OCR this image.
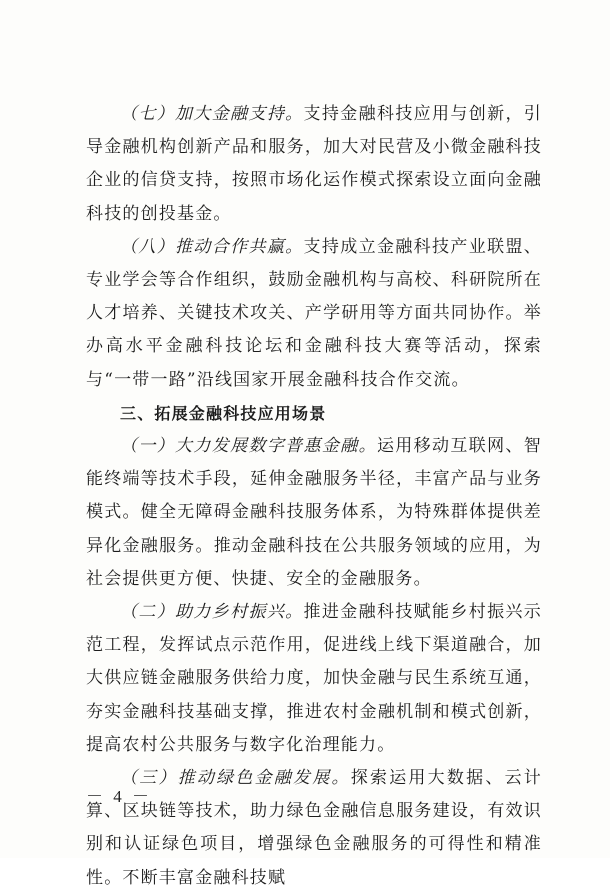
（七）加大金融支持。支持金融科技应用与创新，引导金融机构创新产品和服务，加大对民营及小微金融科技企业的信贷支持，按照市场化运作模式探索设立面向金融科技的创投基金。

（八）推动合作共赢。支持成立金融科技产业联盟、专业学会等合作组织，鼓励金融机构与高校、科研院所在人才培养、关键技术攻关、产学研用等方面共同协作。举办高水平金融科技论坛和金融科技大赛等活动，探索与“一带一路”沿线国家开展金融科技合作交流。

三、拓展金融科技应用场景

（一）大力发展数字普惠金融。运用移动互联网、智能终端等技术手段，延伸金融服务半径，丰富产品与业务模式。健全无障碍金融科技服务体系，为特殊群体提供差异化金融服务。推动金融科技在公共服务领域的应用，为社会提供更方便、快捷、安全的金融服务。

（二）助力乡村振兴。推进金融科技赋能乡村振兴示范工程，发挥试点示范作用，促进线上线下渠道融合，加大供应链金融服务供给力度，加快金融与民生系统互通，夯实金融科技基础支撑，推进农村金融机制和模式创新，提高农村公共服务与数字化治理能力。

（三）推动绿色金融发展。探索运用大数据、云计算、区块链等技术，助力绿色金融信息服务建设，有效识别和认证绿色项目，增强绿色金融服务的可得性和精准性。不断丰富金融科技赋

－ 4 －
